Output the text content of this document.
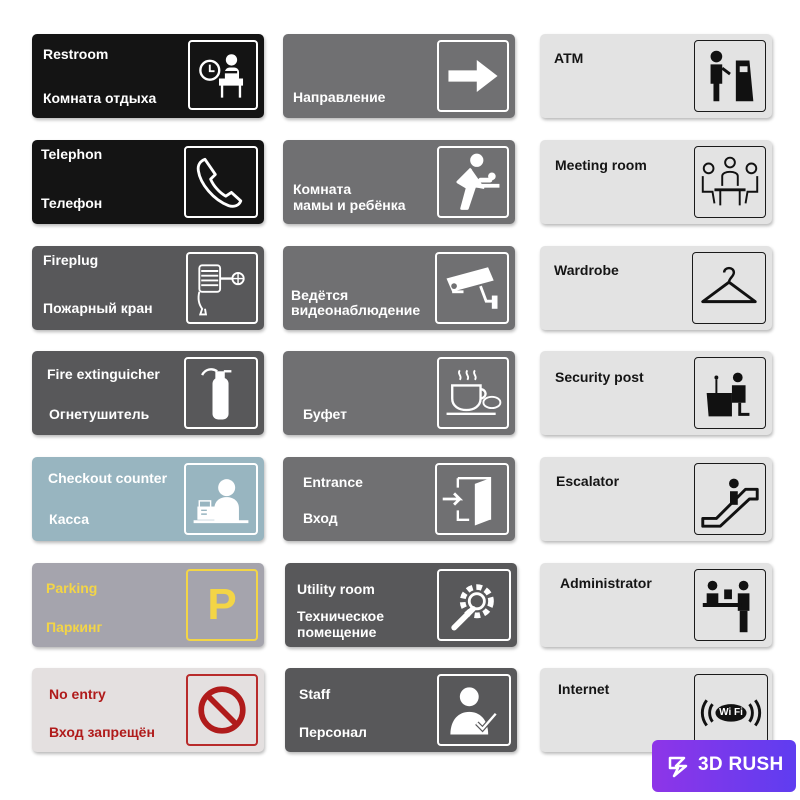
Restroom
Комната отдыха
Telephon
Телефон
Fireplug
Пожарный кран
Fire extinguicher
Огнетушитель
Checkout counter
Касса
Parking
Паркинг	P
No entry
Вход запрещён
Направление
Комната
мамы и ребёнка
Ведётся
видеонаблюдение
Буфет
Entrance
Вход
Utility room
Техническое
помещение
Staff
Персонал
ATM
Meeting room
Wardrobe
Security post
Escalator
Administrator
Internet
Wi Fi
3D RUSH
